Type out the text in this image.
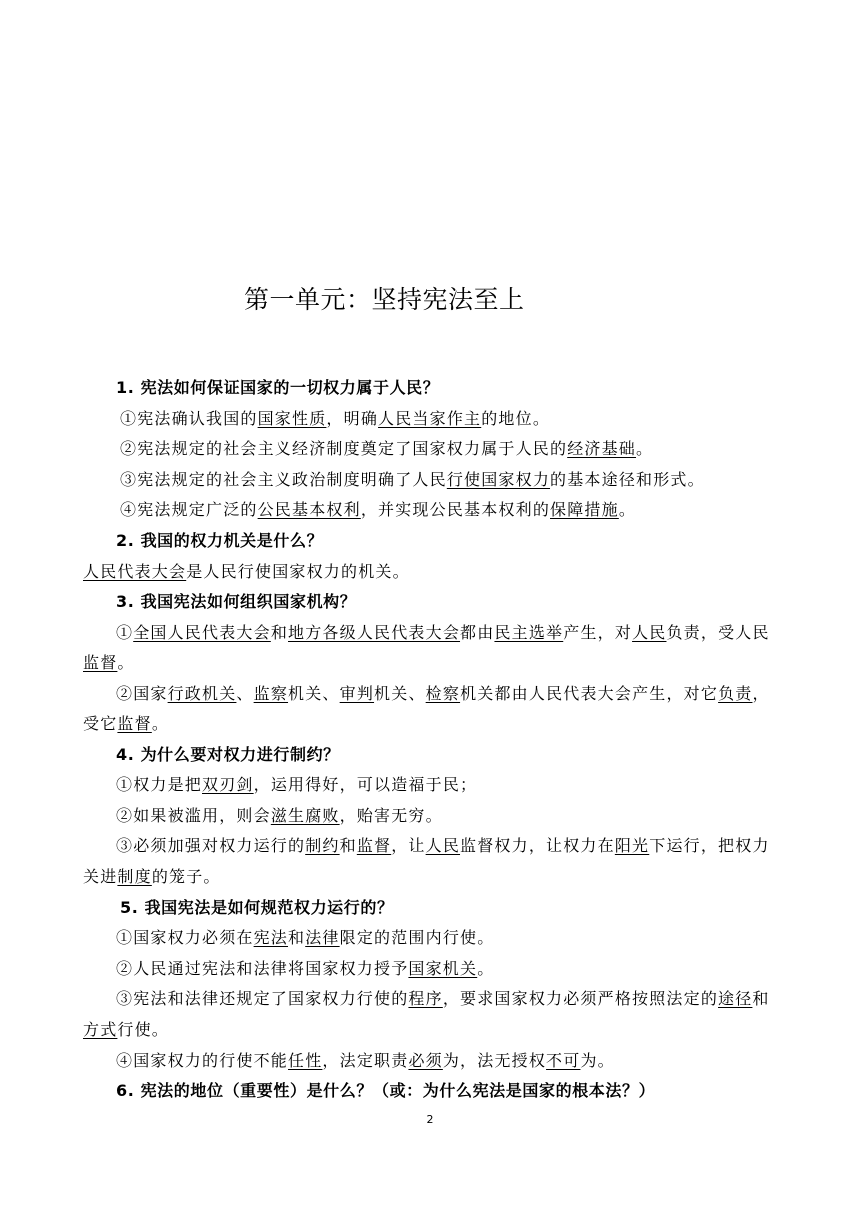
第一单元：坚持宪法至上
1. 宪法如何保证国家的一切权力属于人民？
①宪法确认我国的国家性质，明确人民当家作主的地位。
②宪法规定的社会主义经济制度奠定了国家权力属于人民的经济基础。
③宪法规定的社会主义政治制度明确了人民行使国家权力的基本途径和形式。
④宪法规定广泛的公民基本权利，并实现公民基本权利的保障措施。
2. 我国的权力机关是什么？
人民代表大会是人民行使国家权力的机关。
3. 我国宪法如何组织国家机构？
①全国人民代表大会和地方各级人民代表大会都由民主选举产生，对人民负责，受人民
监督。
②国家行政机关、监察机关、审判机关、检察机关都由人民代表大会产生，对它负责，
受它监督。
4. 为什么要对权力进行制约？
①权力是把双刃剑，运用得好，可以造福于民；
②如果被滥用，则会滋生腐败，贻害无穷。
③必须加强对权力运行的制约和监督，让人民监督权力，让权力在阳光下运行，把权力
关进制度的笼子。
5. 我国宪法是如何规范权力运行的？
①国家权力必须在宪法和法律限定的范围内行使。
②人民通过宪法和法律将国家权力授予国家机关。
③宪法和法律还规定了国家权力行使的程序，要求国家权力必须严格按照法定的途径和
方式行使。
④国家权力的行使不能任性，法定职责必须为，法无授权不可为。
6. 宪法的地位（重要性）是什么？（或：为什么宪法是国家的根本法？）
2
